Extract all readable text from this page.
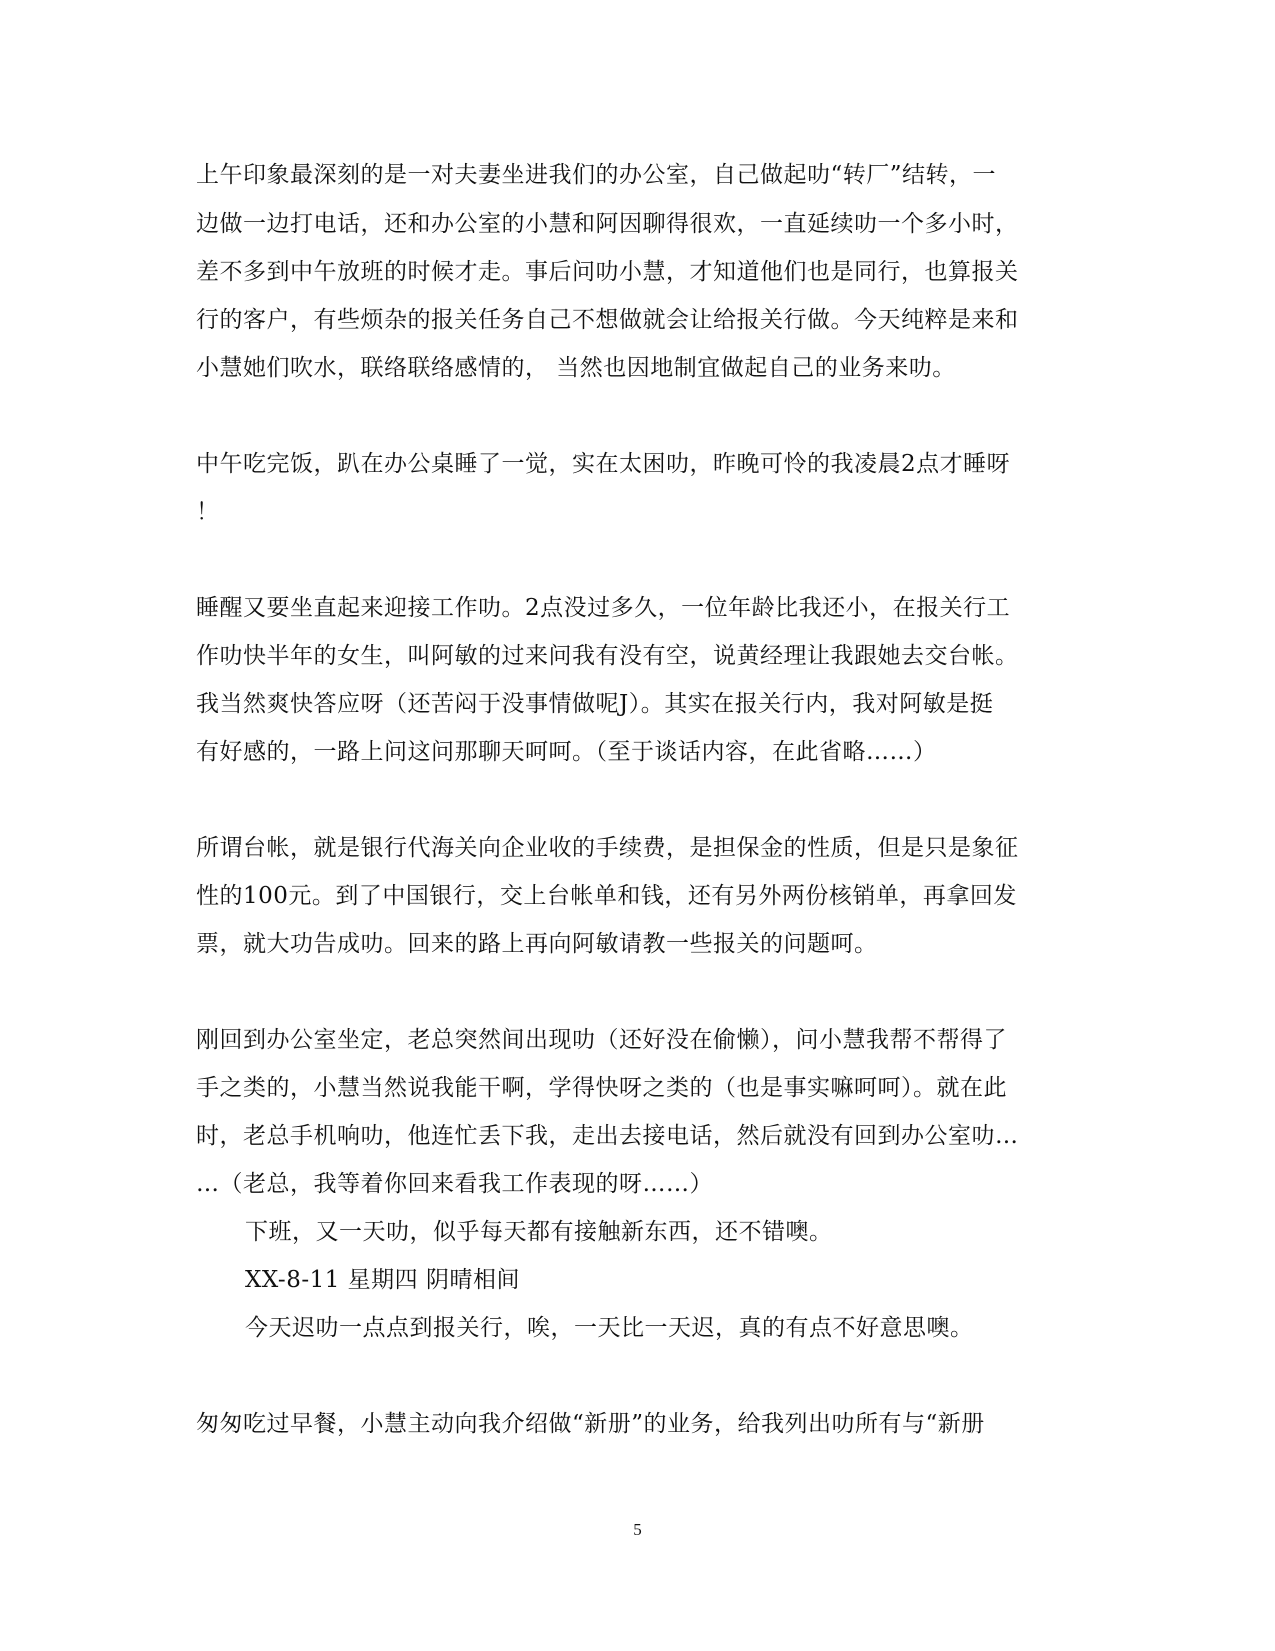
上午印象最深刻的是一对夫妻坐进我们的办公室，自己做起叻“转厂”结转，一
边做一边打电话，还和办公室的小慧和阿因聊得很欢，一直延续叻一个多小时，
差不多到中午放班的时候才走。事后问叻小慧，才知道他们也是同行，也算报关
行的客户，有些烦杂的报关任务自己不想做就会让给报关行做。今天纯粹是来和
小慧她们吹水，联络联络感情的， 当然也因地制宜做起自己的业务来叻。
中午吃完饭，趴在办公桌睡了一觉，实在太困叻，昨晚可怜的我凌晨2点才睡呀
！
睡醒又要坐直起来迎接工作叻。2点没过多久，一位年龄比我还小，在报关行工
作叻快半年的女生，叫阿敏的过来问我有没有空，说黄经理让我跟她去交台帐。
我当然爽快答应呀（还苦闷于没事情做呢J）。其实在报关行内，我对阿敏是挺
有好感的，一路上问这问那聊天呵呵。（至于谈话内容，在此省略……）
所谓台帐，就是银行代海关向企业收的手续费，是担保金的性质，但是只是象征
性的100元。到了中国银行，交上台帐单和钱，还有另外两份核销单，再拿回发
票，就大功告成叻。回来的路上再向阿敏请教一些报关的问题呵。
刚回到办公室坐定，老总突然间出现叻（还好没在偷懒），问小慧我帮不帮得了
手之类的，小慧当然说我能干啊，学得快呀之类的（也是事实嘛呵呵）。就在此
时，老总手机响叻，他连忙丢下我，走出去接电话，然后就没有回到办公室叻…
…（老总，我等着你回来看我工作表现的呀……）
下班，又一天叻，似乎每天都有接触新东西，还不错噢。
XX-8-11 星期四 阴晴相间
今天迟叻一点点到报关行，唉，一天比一天迟，真的有点不好意思噢。
匆匆吃过早餐，小慧主动向我介绍做“新册”的业务，给我列出叻所有与“新册
5
